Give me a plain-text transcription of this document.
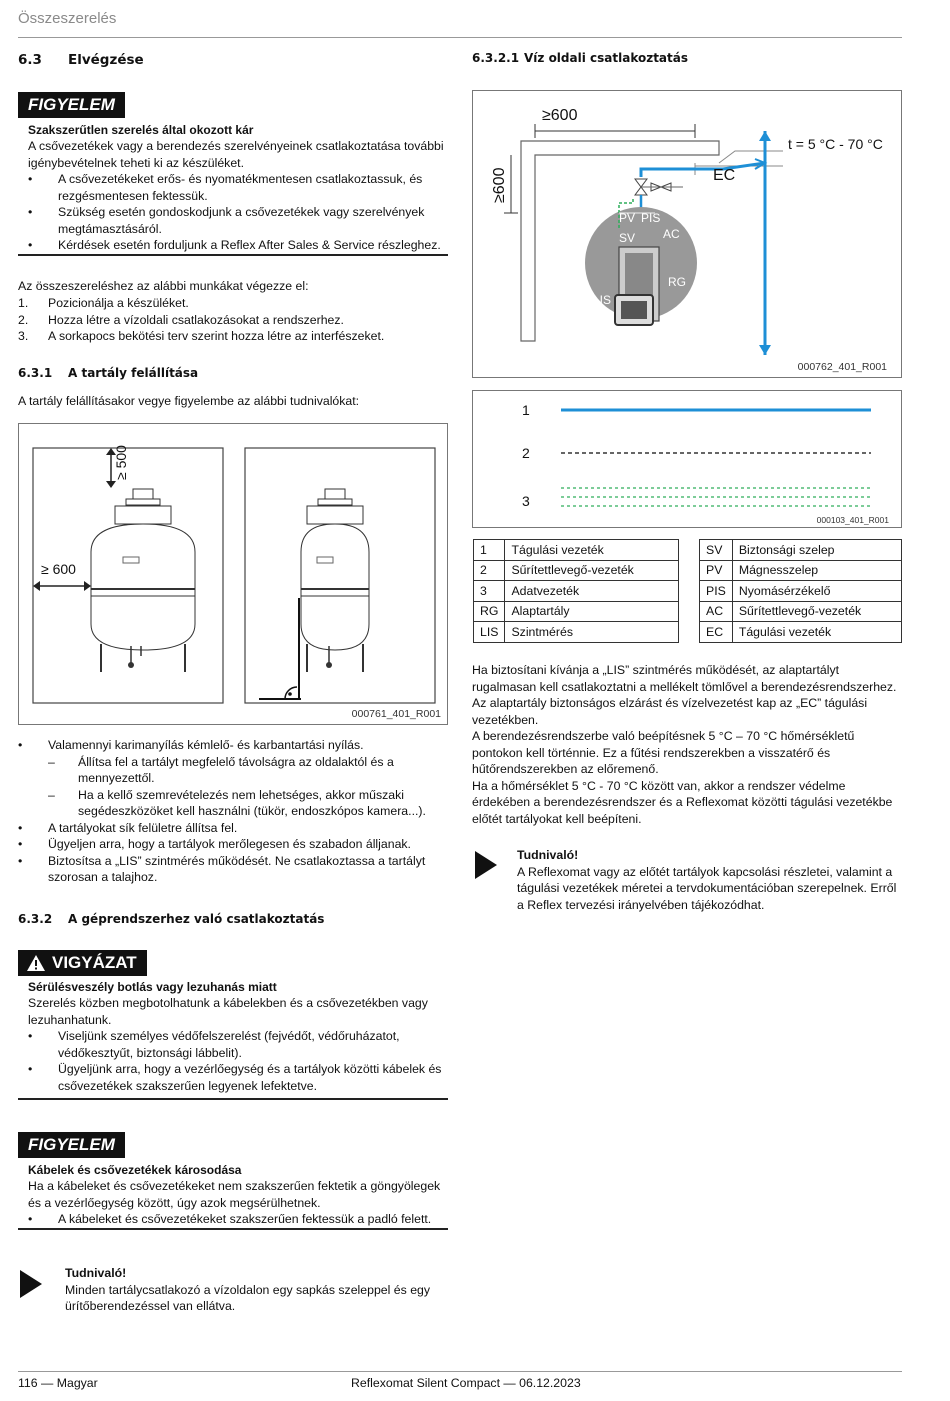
Összeszerelés
6.3 Elvégzése
FIGYELEM
Szakszerűtlen szerelés által okozott kár
A csővezetékek vagy a berendezés szerelvényeinek csatlakoztatása további igénybevételnek teheti ki az készüléket.
• A csővezetékeket erős- és nyomatékmentesen csatlakoztassuk, és rezgésmentesen fektessük.
• Szükség esetén gondoskodjunk a csővezetékek vagy szerelvények megtámasztásáról.
• Kérdések esetén forduljunk a Reflex After Sales & Service részleghez.
Az összeszereléshez az alábbi munkákat végezze el:
1. Pozicionálja a készüléket.
2. Hozza létre a vízoldali csatlakozásokat a rendszerhez.
3. A sorkapocs bekötési terv szerint hozza létre az interfészeket.
6.3.1 A tartály felállítása
A tartály felállításakor vegye figyelembe az alábbi tudnivalókat:
≥ 500
≥ 600
000761_401_R001
• Valamennyi karimanyílás kémlelő- és karbantartási nyílás.
– Állítsa fel a tartályt megfelelő távolságra az oldalaktól és a mennyezettől.
– Ha a kellő szemrevételezés nem lehetséges, akkor műszaki segédeszközöket kell használni (tükör, endoszkópos kamera...).
• A tartályokat sík felületre állítsa fel.
• Ügyeljen arra, hogy a tartályok merőlegesen és szabadon álljanak.
• Biztosítsa a „LIS” szintmérés működését. Ne csatlakoztassa a tartályt szorosan a talajhoz.
6.3.2 A géprendszerhez való csatlakoztatás
VIGYÁZAT
Sérülésveszély botlás vagy lezuhanás miatt
Szerelés közben megbotolhatunk a kábelekben és a csővezetékben vagy lezuhanhatunk.
• Viseljünk személyes védőfelszerelést (fejvédőt, védőruházatot, védőkesztyűt, biztonsági lábbelit).
• Ügyeljünk arra, hogy a vezérlőegység és a tartályok közötti kábelek és csővezetékek szakszerűen legyenek lefektetve.
FIGYELEM
Kábelek és csővezetékek károsodása
Ha a kábeleket és csővezetékeket nem szakszerűen fektetik a göngyölegek és a vezérlőegység között, úgy azok megsérülhetnek.
• A kábeleket és csővezetékeket szakszerűen fektessük a padló felett.
Tudnivaló!
Minden tartálycsatlakozó a vízoldalon egy sapkás szeleppel és egy ürítőberendezéssel van ellátva.
6.3.2.1 Víz oldali csatlakoztatás
≥600
≥600
t = 5 °C - 70 °C
EC
PV PIS
SV AC
RG
LIS
000762_401_R001
1
2
3
000103_401_R001
1	Tágulási vezeték
2	Sűrítettlevegő-vezeték
3	Adatvezeték
RG	Alaptartály
LIS	Szintmérés
SV	Biztonsági szelep
PV	Mágnesszelep
PIS	Nyomásérzékelő
AC	Sűrítettlevegő-vezeték
EC	Tágulási vezeték

Ha biztosítani kívánja a „LIS” szintmérés működését, az alaptartályt rugalmasan kell csatlakoztatni a mellékelt tömlővel a berendezésrendszerhez.

Az alaptartály biztonságos elzárást és vízelvezetést kap az „EC” tágulási vezetékben.

A berendezésrendszerbe való beépítésnek 5 °C – 70 °C hőmérsékletű pontokon kell történnie. Ez a fűtési rendszerekben a visszatérő és hűtőrendszerekben az előremenő.

Ha a hőmérséklet 5 °C - 70 °C között van, akkor a rendszer védelme érdekében a berendezésrendszer és a Reflexomat közötti tágulási vezetékbe előtét tartályokat kell beépíteni.

Tudnivaló!
A Reflexomat vagy az előtét tartályok kapcsolási részletei, valamint a tágulási vezetékek méretei a tervdokumentációban szerepelnek. Erről a Reflex tervezési irányelvében tájékozódhat.
116 — Magyar	Reflexomat Silent Compact — 06.12.2023
